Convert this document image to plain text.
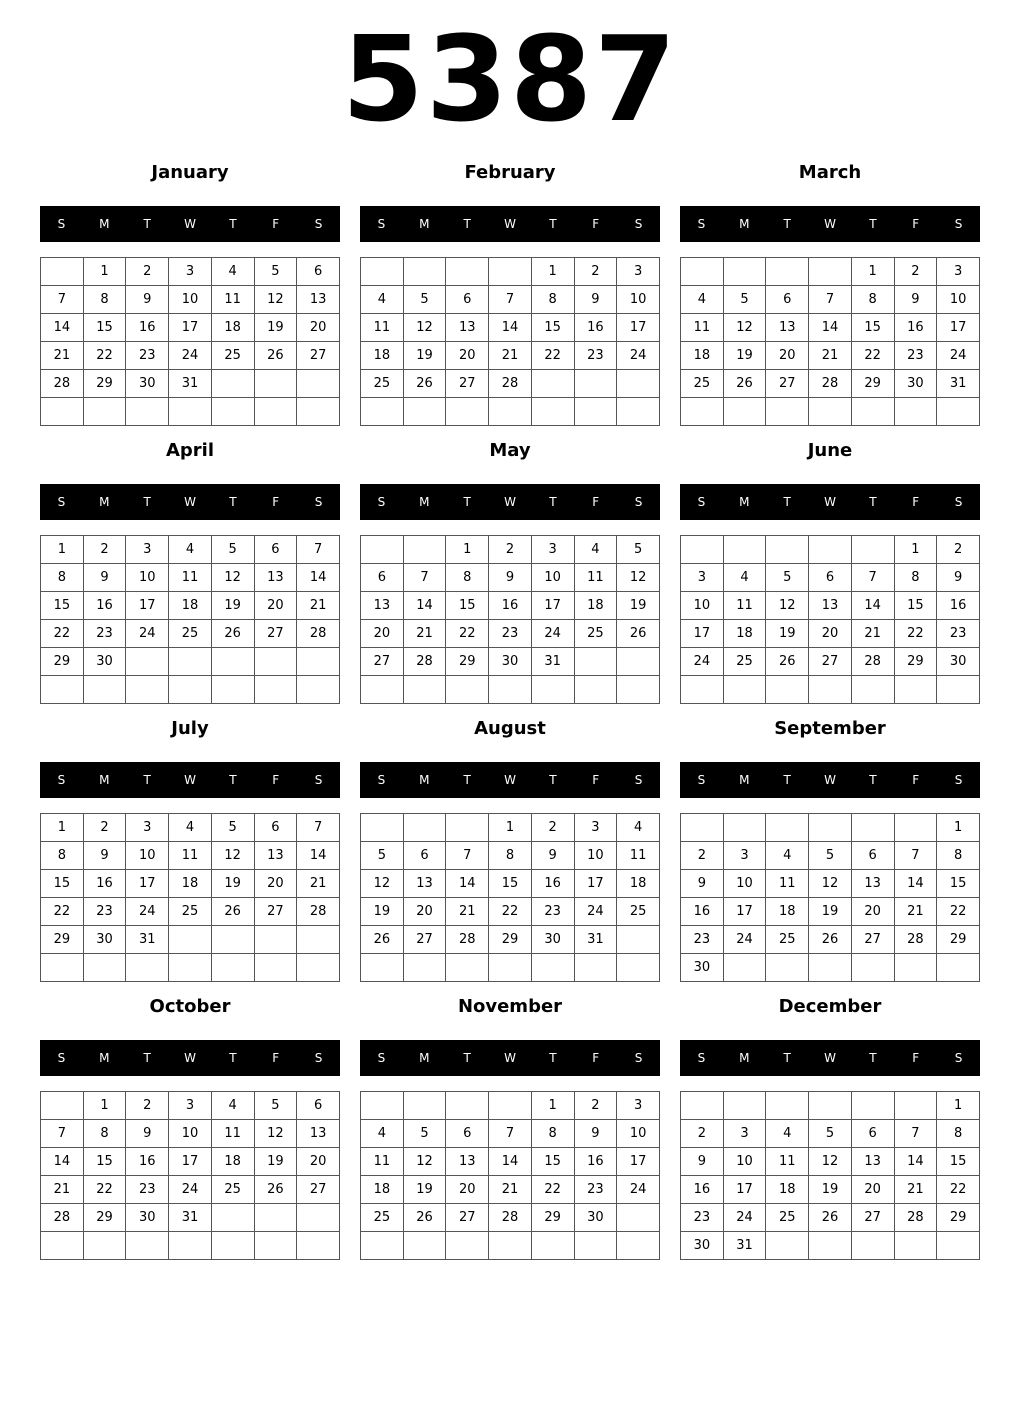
5387
January
S	M	T	W	T	F	S
	1	2	3	4	5	6
7	8	9	10	11	12	13
14	15	16	17	18	19	20
21	22	23	24	25	26	27
28	29	30	31			

February
S	M	T	W	T	F	S
				1	2	3
4	5	6	7	8	9	10
11	12	13	14	15	16	17
18	19	20	21	22	23	24
25	26	27	28			

March
S	M	T	W	T	F	S
				1	2	3
4	5	6	7	8	9	10
11	12	13	14	15	16	17
18	19	20	21	22	23	24
25	26	27	28	29	30	31

April
S	M	T	W	T	F	S
1	2	3	4	5	6	7
8	9	10	11	12	13	14
15	16	17	18	19	20	21
22	23	24	25	26	27	28
29	30					

May
S	M	T	W	T	F	S
		1	2	3	4	5
6	7	8	9	10	11	12
13	14	15	16	17	18	19
20	21	22	23	24	25	26
27	28	29	30	31		

June
S	M	T	W	T	F	S
					1	2
3	4	5	6	7	8	9
10	11	12	13	14	15	16
17	18	19	20	21	22	23
24	25	26	27	28	29	30

July
S	M	T	W	T	F	S
1	2	3	4	5	6	7
8	9	10	11	12	13	14
15	16	17	18	19	20	21
22	23	24	25	26	27	28
29	30	31				

August
S	M	T	W	T	F	S
			1	2	3	4
5	6	7	8	9	10	11
12	13	14	15	16	17	18
19	20	21	22	23	24	25
26	27	28	29	30	31	

September
S	M	T	W	T	F	S
						1
2	3	4	5	6	7	8
9	10	11	12	13	14	15
16	17	18	19	20	21	22
23	24	25	26	27	28	29
30						
October
S	M	T	W	T	F	S
	1	2	3	4	5	6
7	8	9	10	11	12	13
14	15	16	17	18	19	20
21	22	23	24	25	26	27
28	29	30	31			

November
S	M	T	W	T	F	S
				1	2	3
4	5	6	7	8	9	10
11	12	13	14	15	16	17
18	19	20	21	22	23	24
25	26	27	28	29	30	

December
S	M	T	W	T	F	S
						1
2	3	4	5	6	7	8
9	10	11	12	13	14	15
16	17	18	19	20	21	22
23	24	25	26	27	28	29
30	31					
